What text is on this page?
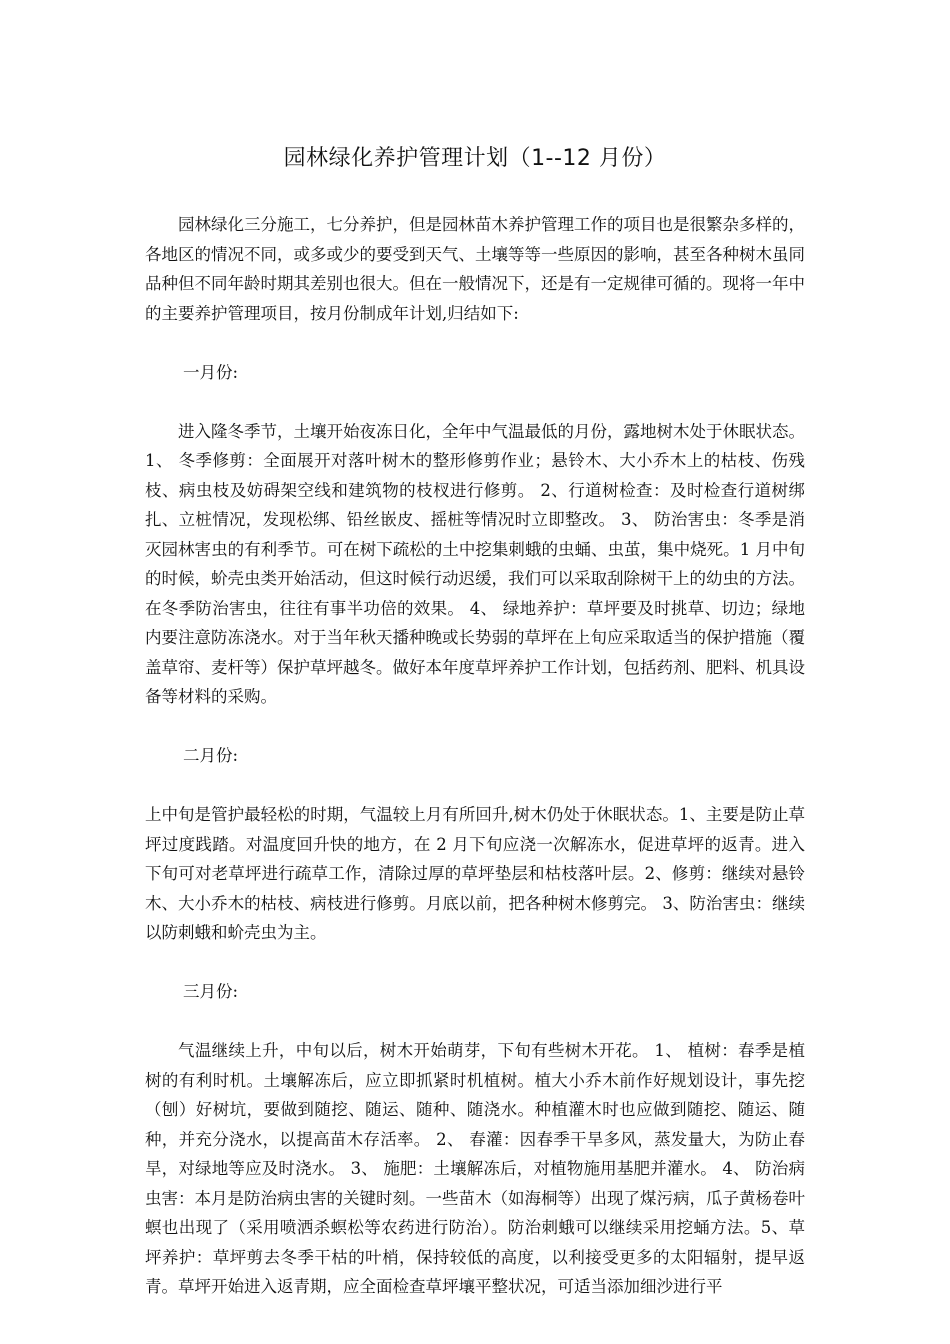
园林绿化养护管理计划（1--12 月份）

园林绿化三分施工，七分养护，但是园林苗木养护管理工作的项目也是很繁杂多样的，各地区的情况不同，或多或少的要受到天气、土壤等等一些原因的影响，甚至各种树木虽同品种但不同年龄时期其差别也很大。但在一般情况下，还是有一定规律可循的。现将一年中的主要养护管理项目，按月份制成年计划,归结如下:

一月份:

进入隆冬季节，土壤开始夜冻日化，全年中气温最低的月份，露地树木处于休眠状态。 1、 冬季修剪：全面展开对落叶树木的整形修剪作业；悬铃木、大小乔木上的枯枝、伤残枝、病虫枝及妨碍架空线和建筑物的枝杈进行修剪。 2、行道树检查：及时检查行道树绑扎、立桩情况，发现松绑、铅丝嵌皮、摇桩等情况时立即整改。 3、 防治害虫：冬季是消灭园林害虫的有利季节。可在树下疏松的土中挖集刺蛾的虫蛹、虫茧，集中烧死。1 月中旬的时候，蚧壳虫类开始活动，但这时候行动迟缓，我们可以采取刮除树干上的幼虫的方法。在冬季防治害虫，往往有事半功倍的效果。 4、 绿地养护：草坪要及时挑草、切边；绿地内要注意防冻浇水。对于当年秋天播种晚或长势弱的草坪在上旬应采取适当的保护措施（覆盖草帘、麦杆等）保护草坪越冬。做好本年度草坪养护工作计划，包括药剂、肥料、机具设备等材料的采购。

二月份:

上中旬是管护最轻松的时期，气温较上月有所回升,树木仍处于休眠状态。1、主要是防止草坪过度践踏。对温度回升快的地方，在 2 月下旬应浇一次解冻水，促进草坪的返青。进入下旬可对老草坪进行疏草工作，清除过厚的草坪垫层和枯枝落叶层。2、修剪：继续对悬铃木、大小乔木的枯枝、病枝进行修剪。月底以前，把各种树木修剪完。 3、防治害虫：继续以防刺蛾和蚧壳虫为主。

三月份:

气温继续上升，中旬以后，树木开始萌芽，下旬有些树木开花。 1、 植树：春季是植树的有利时机。土壤解冻后，应立即抓紧时机植树。植大小乔木前作好规划设计，事先挖（刨）好树坑，要做到随挖、随运、随种、随浇水。种植灌木时也应做到随挖、随运、随种，并充分浇水，以提高苗木存活率。 2、 春灌：因春季干旱多风，蒸发量大，为防止春旱，对绿地等应及时浇水。 3、 施肥：土壤解冻后，对植物施用基肥并灌水。 4、 防治病虫害：本月是防治病虫害的关键时刻。一些苗木（如海桐等）出现了煤污病，瓜子黄杨卷叶螟也出现了（采用喷洒杀螟松等农药进行防治）。防治刺蛾可以继续采用挖蛹方法。5、草坪养护：草坪剪去冬季干枯的叶梢，保持较低的高度，以利接受更多的太阳辐射，提早返青。草坪开始进入返青期，应全面检查草坪壤平整状况，可适当添加细沙进行平
